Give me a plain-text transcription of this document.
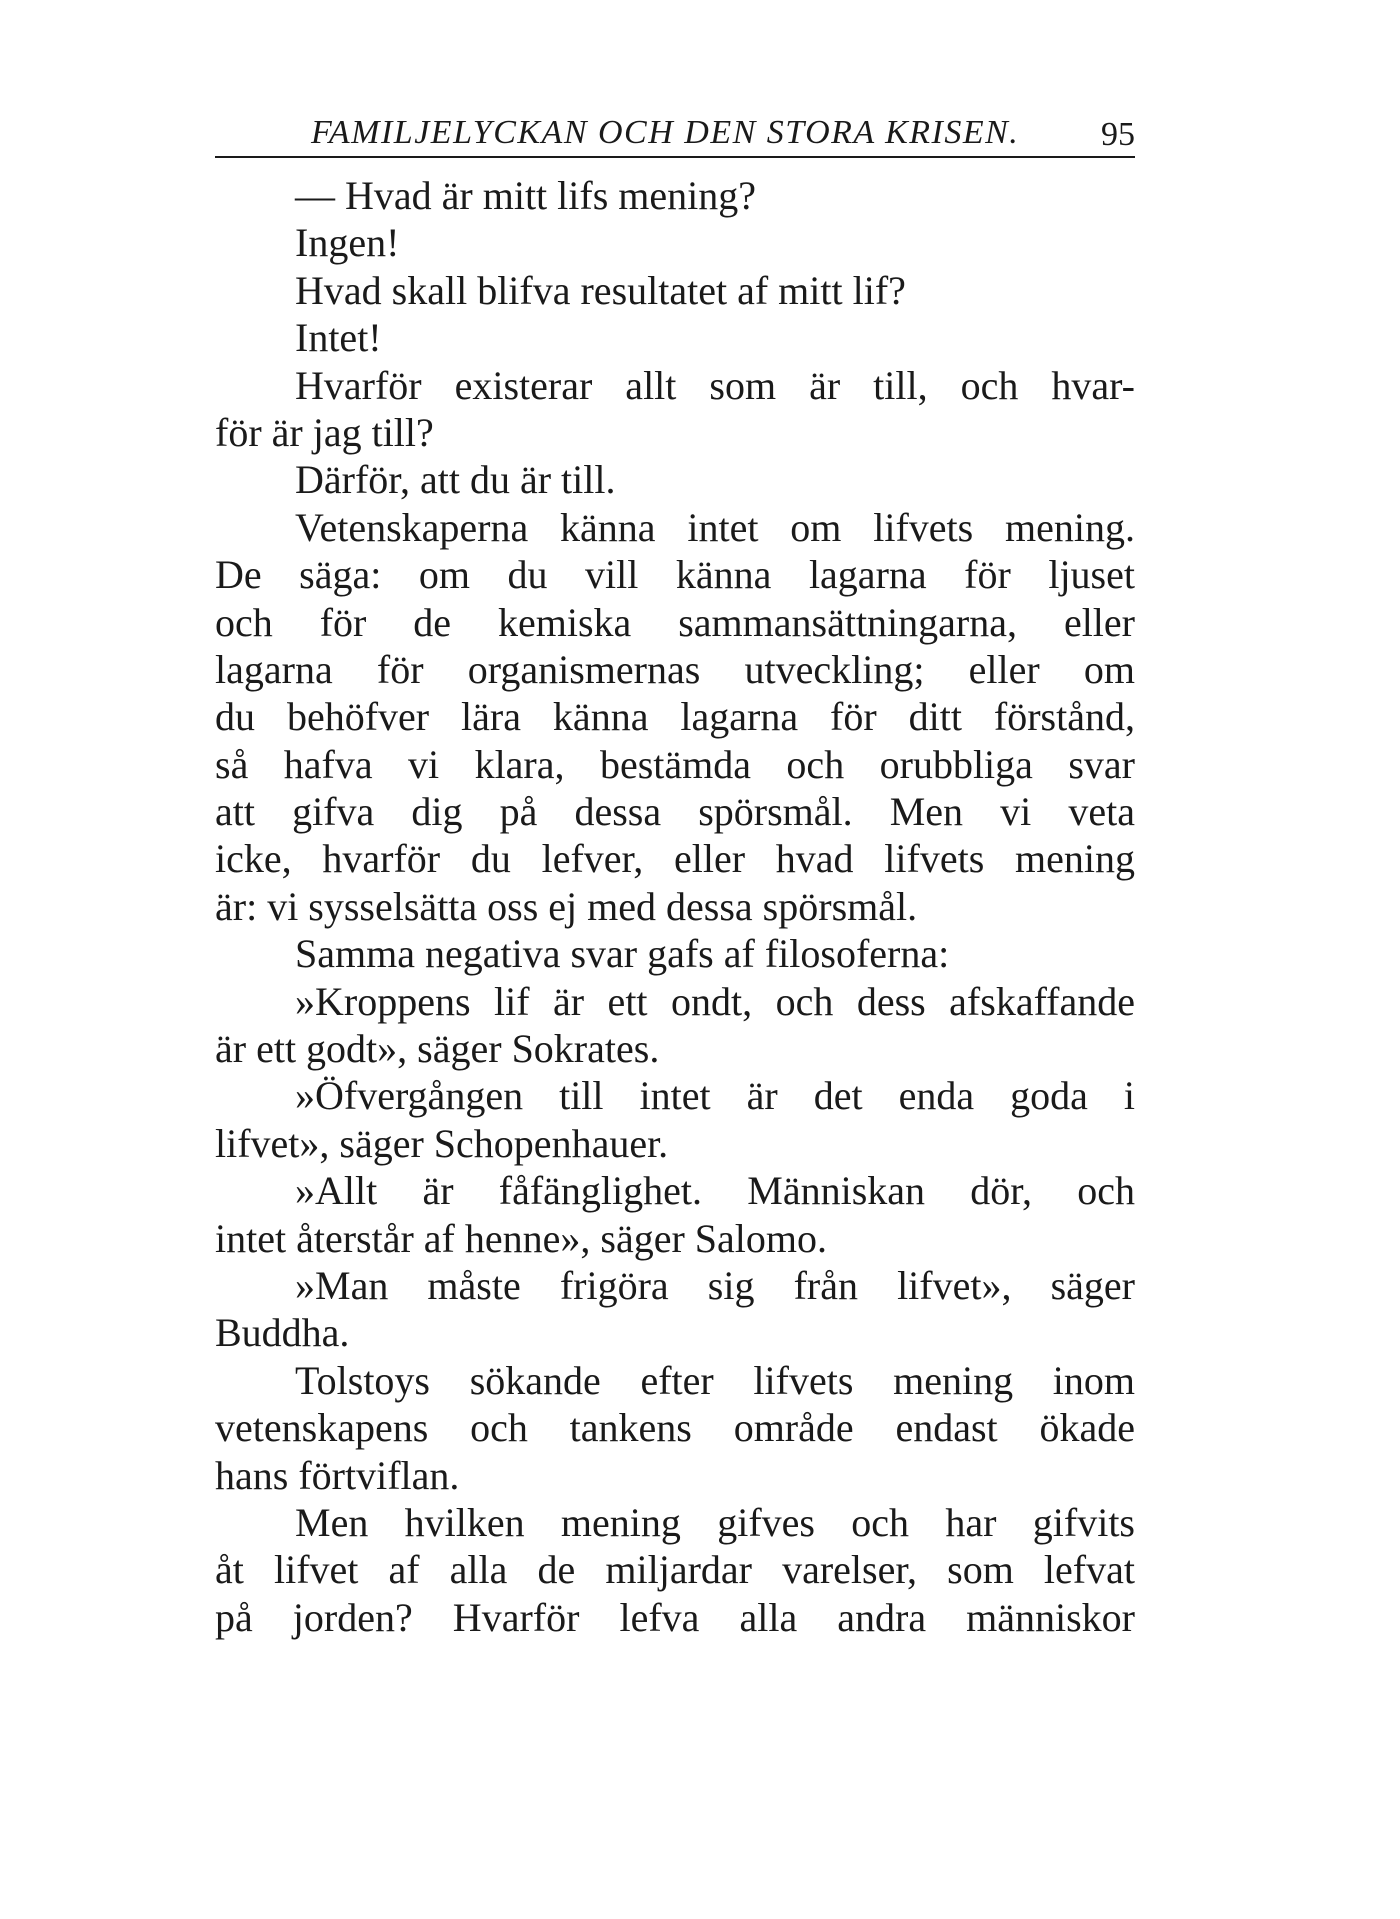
FAMILJELYCKAN OCH DEN STORA KRISEN. 95
— Hvad är mitt lifs mening?
Ingen!
Hvad skall blifva resultatet af mitt lif?
Intet!
Hvarför existerar allt som är till, och hvar-
för är jag till?
Därför, att du är till.
Vetenskaperna känna intet om lifvets mening.
De säga: om du vill känna lagarna för ljuset
och för de kemiska sammansättningarna, eller
lagarna för organismernas utveckling; eller om
du behöfver lära känna lagarna för ditt förstånd,
så hafva vi klara, bestämda och orubbliga svar
att gifva dig på dessa spörsmål. Men vi veta
icke, hvarför du lefver, eller hvad lifvets mening
är: vi sysselsätta oss ej med dessa spörsmål.
Samma negativa svar gafs af filosoferna:
»Kroppens lif är ett ondt, och dess afskaffande
är ett godt», säger Sokrates.
»Öfvergången till intet är det enda goda i
lifvet», säger Schopenhauer.
»Allt är fåfänglighet. Människan dör, och
intet återstår af henne», säger Salomo.
»Man måste frigöra sig från lifvet», säger
Buddha.
Tolstoys sökande efter lifvets mening inom
vetenskapens och tankens område endast ökade
hans förtviflan.
Men hvilken mening gifves och har gifvits
åt lifvet af alla de miljardar varelser, som lefvat
på jorden? Hvarför lefva alla andra människor
